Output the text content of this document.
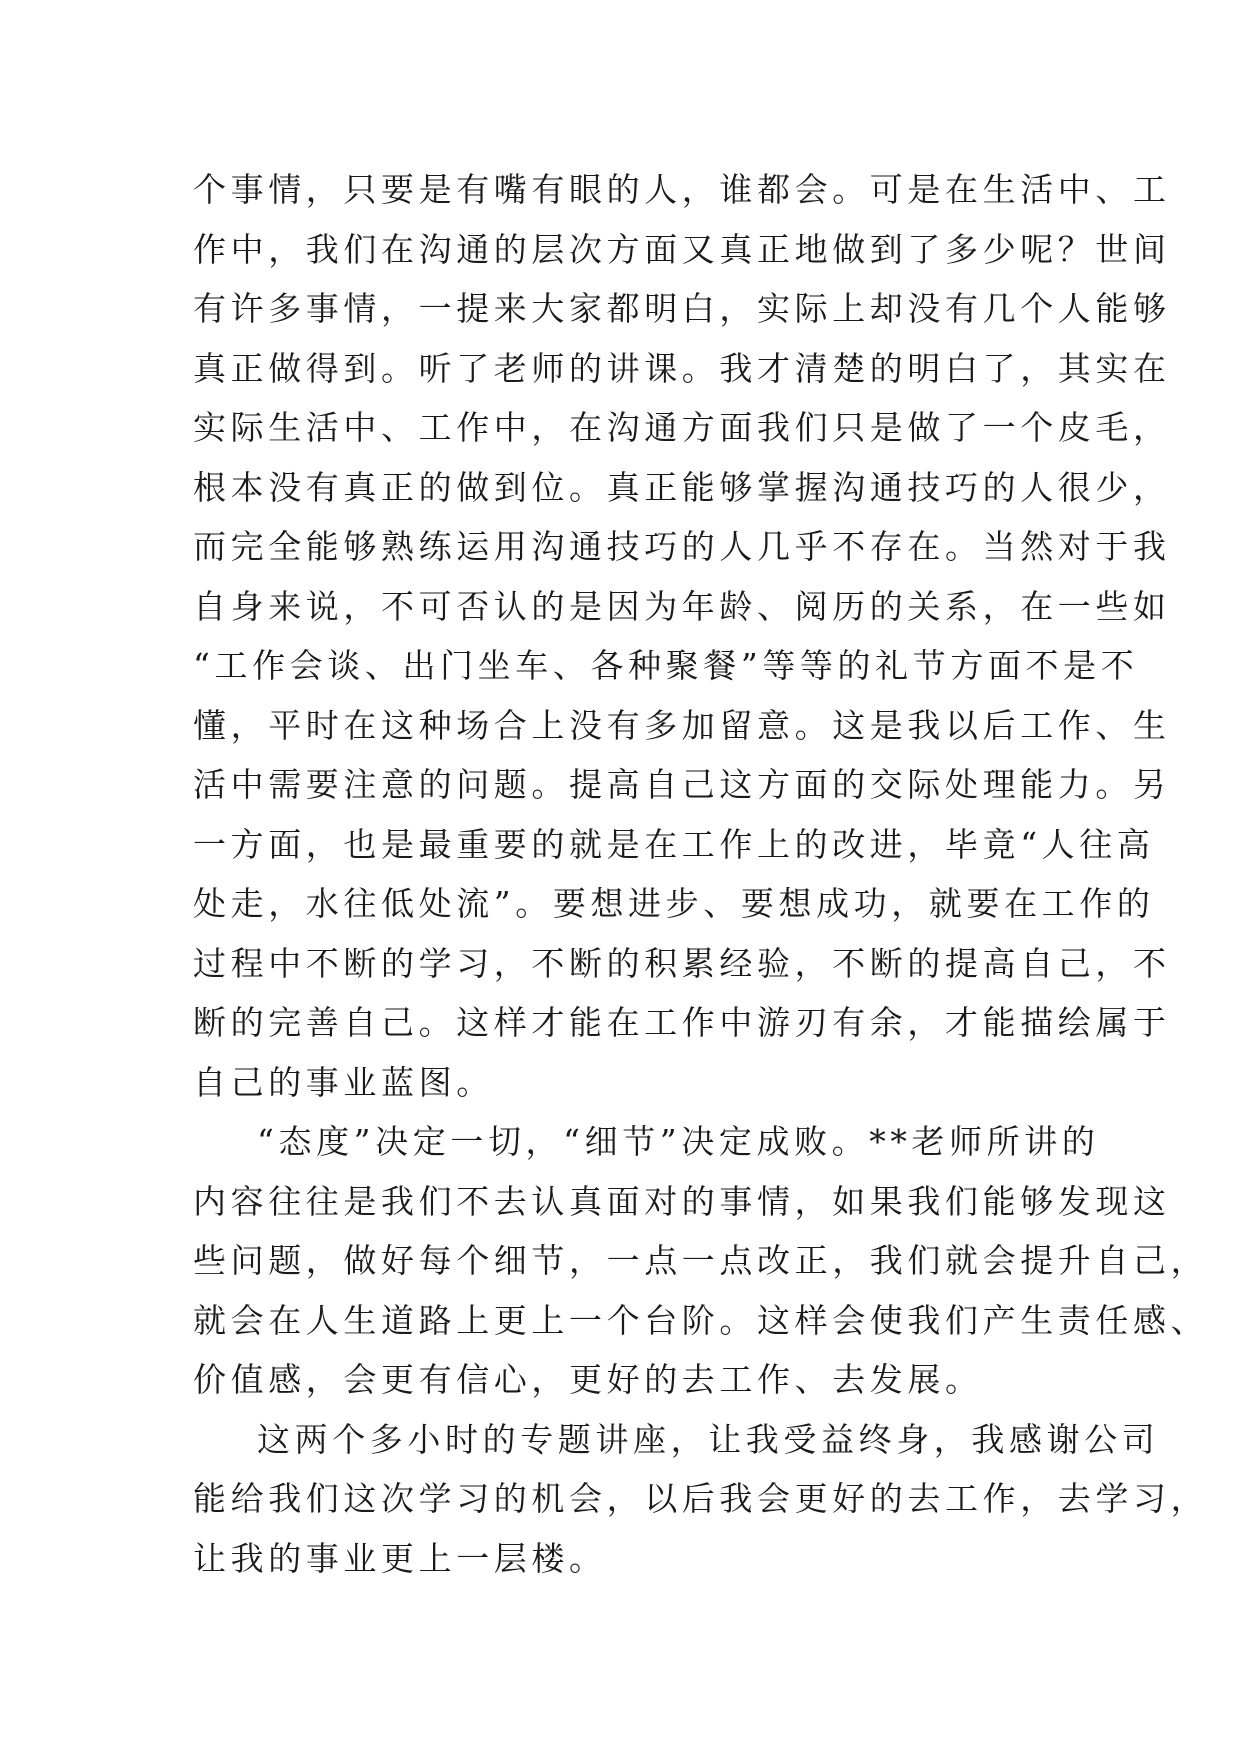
个事情，只要是有嘴有眼的人，谁都会。可是在生活中、工
作中，我们在沟通的层次方面又真正地做到了多少呢？世间
有许多事情，一提来大家都明白，实际上却没有几个人能够
真正做得到。听了老师的讲课。我才清楚的明白了，其实在
实际生活中、工作中，在沟通方面我们只是做了一个皮毛，
根本没有真正的做到位。真正能够掌握沟通技巧的人很少，
而完全能够熟练运用沟通技巧的人几乎不存在。当然对于我
自身来说，不可否认的是因为年龄、阅历的关系，在一些如
“工作会谈、出门坐车、各种聚餐”等等的礼节方面不是不
懂，平时在这种场合上没有多加留意。这是我以后工作、生
活中需要注意的问题。提高自己这方面的交际处理能力。另
一方面，也是最重要的就是在工作上的改进，毕竟“人往高
处走，水往低处流”。要想进步、要想成功，就要在工作的
过程中不断的学习，不断的积累经验，不断的提高自己，不
断的完善自己。这样才能在工作中游刃有余，才能描绘属于
自己的事业蓝图。
“态度”决定一切，“细节”决定成败。**老师所讲的
内容往往是我们不去认真面对的事情，如果我们能够发现这
些问题，做好每个细节，一点一点改正，我们就会提升自己，
就会在人生道路上更上一个台阶。这样会使我们产生责任感、
价值感，会更有信心，更好的去工作、去发展。
这两个多小时的专题讲座，让我受益终身，我感谢公司
能给我们这次学习的机会，以后我会更好的去工作，去学习，
让我的事业更上一层楼。
